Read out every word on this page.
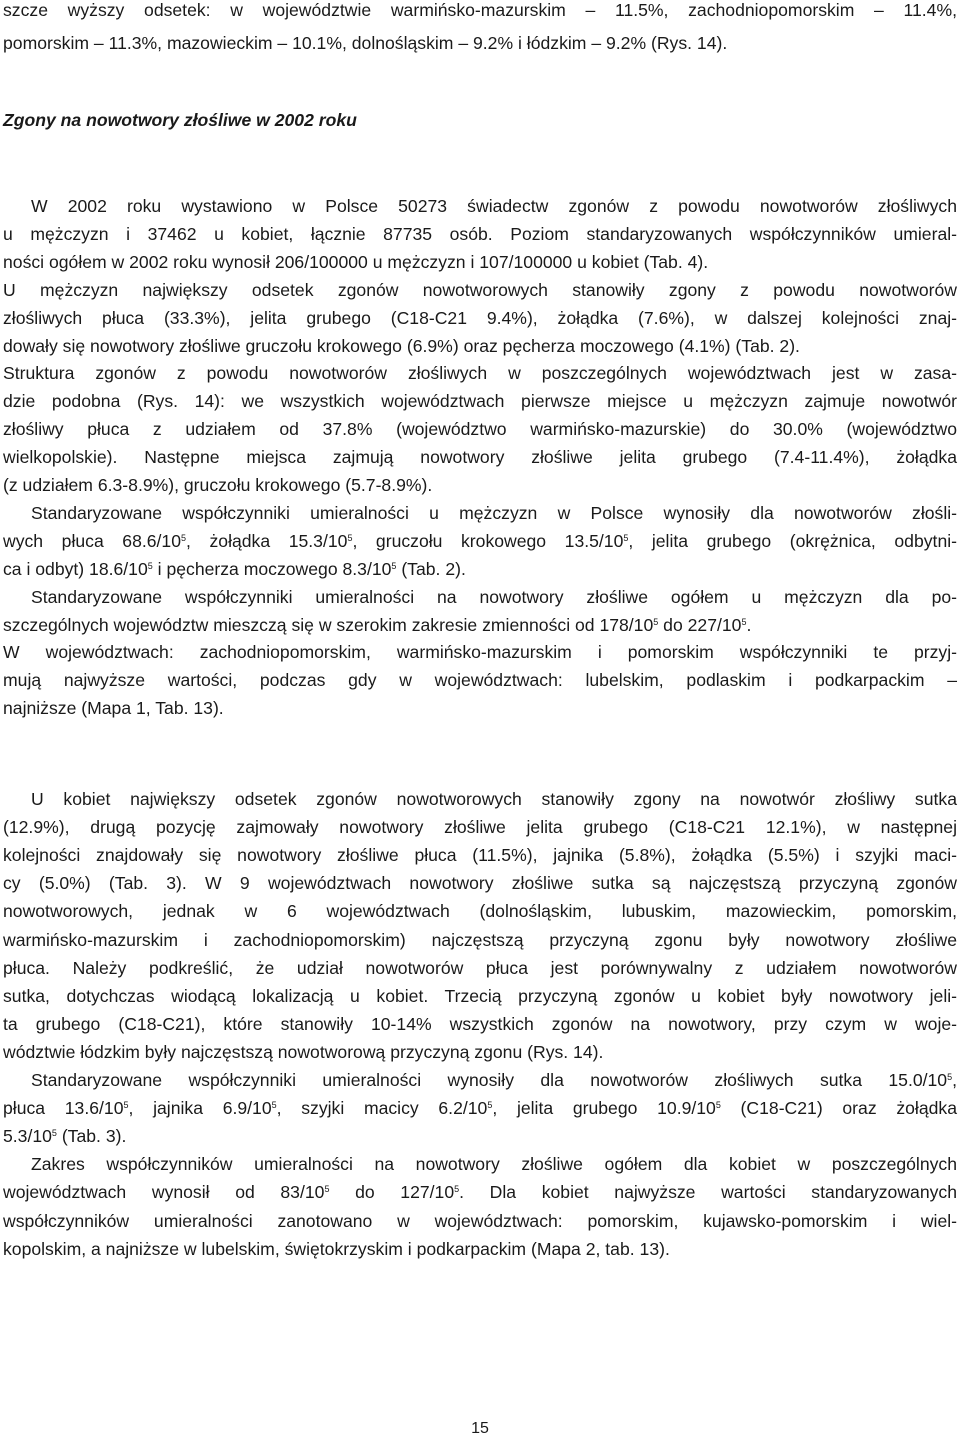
szcze wyższy odsetek: w województwie warmińsko-mazurskim – 11.5%, zachodniopomorskim – 11.4%,
pomorskim – 11.3%, mazowieckim – 10.1%, dolnośląskim – 9.2% i łódzkim – 9.2% (Rys. 14).
Zgony na nowotwory złośliwe w 2002 roku
W 2002 roku wystawiono w Polsce 50273 świadectw zgonów z powodu nowotworów złośliwych
u mężczyzn i 37462 u kobiet, łącznie 87735 osób. Poziom standaryzowanych współczynników umieral-
ności ogółem w 2002 roku wynosił 206/100000 u mężczyzn i 107/100000 u kobiet (Tab. 4).
U mężczyzn największy odsetek zgonów nowotworowych stanowiły zgony z powodu nowotworów
złośliwych płuca (33.3%), jelita grubego (C18-C21 9.4%), żołądka (7.6%), w dalszej kolejności znaj-
dowały się nowotwory złośliwe gruczołu krokowego (6.9%) oraz pęcherza moczowego (4.1%) (Tab. 2).
Struktura zgonów z powodu nowotworów złośliwych w poszczególnych województwach jest w zasa-
dzie podobna (Rys. 14): we wszystkich województwach pierwsze miejsce u mężczyzn zajmuje nowotwór
złośliwy płuca z udziałem od 37.8% (województwo warmińsko-mazurskie) do 30.0% (województwo
wielkopolskie). Następne miejsca zajmują nowotwory złośliwe jelita grubego (7.4-11.4%), żołądka
(z udziałem 6.3-8.9%), gruczołu krokowego (5.7-8.9%).
Standaryzowane współczynniki umieralności u mężczyzn w Polsce wynosiły dla nowotworów złośli-
wych płuca $68.6/10^5$, żołądka $15.3/10^5$, gruczołu krokowego $13.5/10^5$, jelita grubego (okrężnica, odbytni-
ca i odbyt) $18.6/10^5$ i pęcherza moczowego $8.3/10^5$ (Tab. 2).
Standaryzowane współczynniki umieralności na nowotwory złośliwe ogółem u mężczyzn dla po-
szczególnych województw mieszczą się w szerokim zakresie zmienności od $178/10^5$ do $227/10^5$.
W województwach: zachodniopomorskim, warmińsko-mazurskim i pomorskim współczynniki te przyj-
mują najwyższe wartości, podczas gdy w województwach: lubelskim, podlaskim i podkarpackim –
najniższe (Mapa 1, Tab. 13).
U kobiet największy odsetek zgonów nowotworowych stanowiły zgony na nowotwór złośliwy sutka
(12.9%), drugą pozycję zajmowały nowotwory złośliwe jelita grubego (C18-C21 12.1%), w następnej
kolejności znajdowały się nowotwory złośliwe płuca (11.5%), jajnika (5.8%), żołądka (5.5%) i szyjki maci-
cy (5.0%) (Tab. 3). W 9 województwach nowotwory złośliwe sutka są najczęstszą przyczyną zgonów
nowotworowych, jednak w 6 województwach (dolnośląskim, lubuskim, mazowieckim, pomorskim,
warmińsko-mazurskim i zachodniopomorskim) najczęstszą przyczyną zgonu były nowotwory złośliwe
płuca. Należy podkreślić, że udział nowotworów płuca jest porównywalny z udziałem nowotworów
sutka, dotychczas wiodącą lokalizacją u kobiet. Trzecią przyczyną zgonów u kobiet były nowotwory jeli-
ta grubego (C18-C21), które stanowiły 10-14% wszystkich zgonów na nowotwory, przy czym w woje-
wództwie łódzkim były najczęstszą nowotworową przyczyną zgonu (Rys. 14).
Standaryzowane współczynniki umieralności wynosiły dla nowotworów złośliwych sutka $15.0/10^5$,
płuca $13.6/10^5$, jajnika $6.9/10^5$, szyjki macicy $6.2/10^5$, jelita grubego $10.9/10^5$ (C18-C21) oraz żołądka
$5.3/10^5$ (Tab. 3).
Zakres współczynników umieralności na nowotwory złośliwe ogółem dla kobiet w poszczególnych
województwach wynosił od $83/10^5$ do $127/10^5$. Dla kobiet najwyższe wartości standaryzowanych
współczynników umieralności zanotowano w województwach: pomorskim, kujawsko-pomorskim i wiel-
kopolskim, a najniższe w lubelskim, świętokrzyskim i podkarpackim (Mapa 2, tab. 13).
15
